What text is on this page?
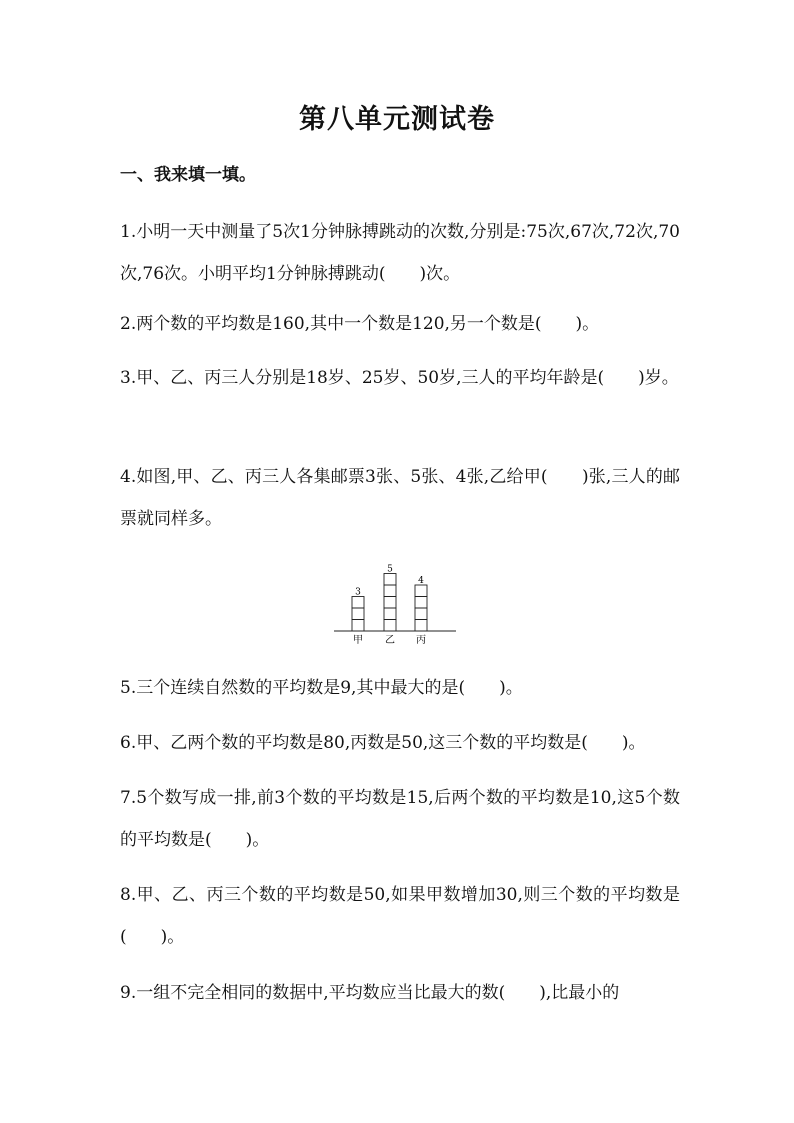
第八单元测试卷

一、我来填一填。

1.小明一天中测量了5次1分钟脉搏跳动的次数,分别是:75次,67次,72次,70次,76次。小明平均1分钟脉搏跳动(　　)次。

2.两个数的平均数是160,其中一个数是120,另一个数是(　　)。

3.甲、乙、丙三人分别是18岁、25岁、50岁,三人的平均年龄是(　　)岁。

4.如图,甲、乙、丙三人各集邮票3张、5张、4张,乙给甲(　　)张,三人的邮票就同样多。

3
甲
5
乙
4
丙

5.三个连续自然数的平均数是9,其中最大的是(　　)。

6.甲、乙两个数的平均数是80,丙数是50,这三个数的平均数是(　　)。

7.5个数写成一排,前3个数的平均数是15,后两个数的平均数是10,这5个数的平均数是(　　)。

8.甲、乙、丙三个数的平均数是50,如果甲数增加30,则三个数的平均数是(　　)。

9.一组不完全相同的数据中,平均数应当比最大的数(　　),比最小的
